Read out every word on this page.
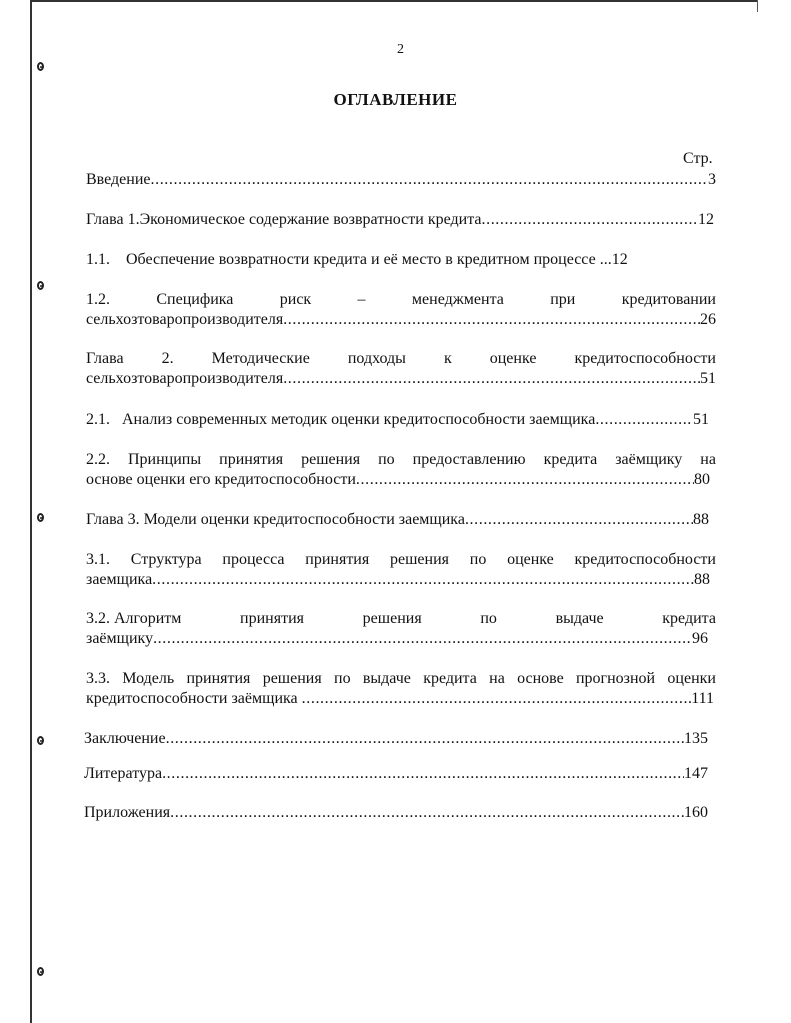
2
ОГЛАВЛЕНИЕ
Стр.
Введение .....	3
Глава 1.Экономическое содержание возвратности кредита .....	12
1.1. Обеспечение возвратности кредита и её место в кредитном процессе ...12
1.2.	Специфика	риск	–	менеджмента	при	кредитовании
сельхозтоваропроизводителя .....	26
Глава 2. Методические подходы к оценке кредитоспособности
сельхозтоваропроизводителя .....	51
2.1.   Анализ современных методик оценки кредитоспособности заемщика .....	51
2.2. Принципы принятия решения по предоставлению кредита заёмщику на
основе оценки его кредитоспособности .....	80
Глава 3. Модели оценки кредитоспособности заемщика .....	88
3.1. Структура процесса принятия решения по оценке кредитоспособности
заемщика .....	88
3.2. Алгоритм	принятия	решения	по	выдаче	кредита
заёмщику .....	96
3.3. Модель принятия решения по выдаче кредита на основе прогнозной оценки
кредитоспособности заёмщика .....	111
Заключение .....	135
Литература .....	147
Приложения .....	160
